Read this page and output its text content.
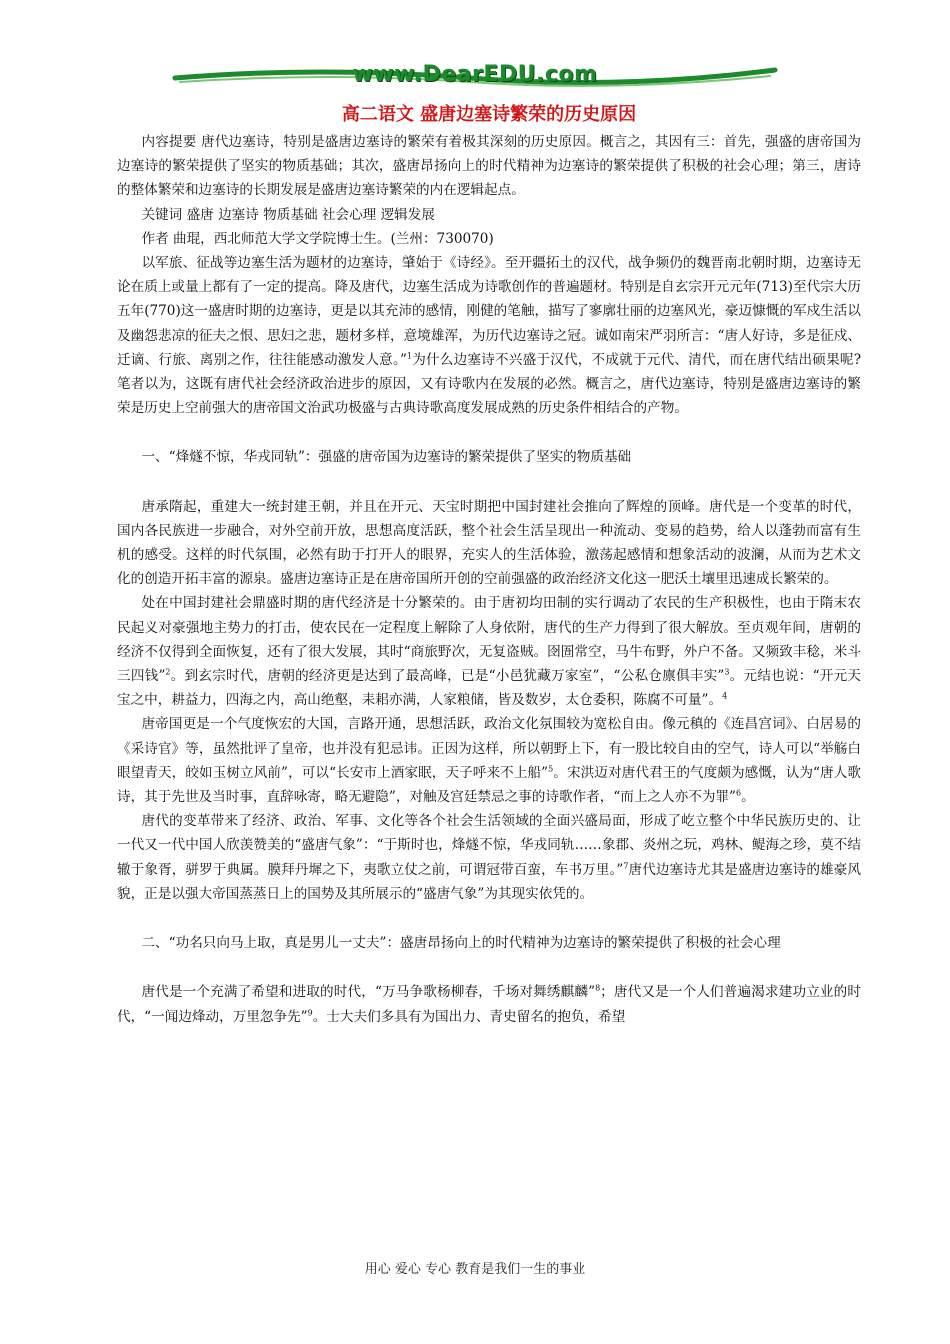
www.DearEDU.com
高二语文 盛唐边塞诗繁荣的历史原因

内容提要 唐代边塞诗，特别是盛唐边塞诗的繁荣有着极其深刻的历史原因。概言之，其因有三：首先，强盛的唐帝国为边塞诗的繁荣提供了坚实的物质基础；其次，盛唐昂扬向上的时代精神为边塞诗的繁荣提供了积极的社会心理；第三，唐诗的整体繁荣和边塞诗的长期发展是盛唐边塞诗繁荣的内在逻辑起点。

关键词 盛唐 边塞诗 物质基础 社会心理 逻辑发展

作者 曲琨，西北师范大学文学院博士生。(兰州：730070)

以军旅、征战等边塞生活为题材的边塞诗，肇始于《诗经》。至开疆拓土的汉代，战争频仍的魏晋南北朝时期，边塞诗无论在质上或量上都有了一定的提高。降及唐代，边塞生活成为诗歌创作的普遍题材。特别是自玄宗开元元年(713)至代宗大历五年(770)这一盛唐时期的边塞诗，更是以其充沛的感情，刚健的笔触，描写了寥廓壮丽的边塞风光，豪迈慷慨的军戍生活以及幽怨悲凉的征夫之恨、思妇之悲，题材多样，意境雄浑，为历代边塞诗之冠。诚如南宋严羽所言：“唐人好诗，多是征戍、迁谪、行旅、离别之作，往往能感动激发人意。”$^1$为什么边塞诗不兴盛于汉代，不成就于元代、清代，而在唐代结出硕果呢?笔者以为，这既有唐代社会经济政治进步的原因，又有诗歌内在发展的必然。概言之，唐代边塞诗，特别是盛唐边塞诗的繁荣是历史上空前强大的唐帝国文治武功极盛与古典诗歌高度发展成熟的历史条件相结合的产物。

一、“烽燧不惊，华戎同轨”：强盛的唐帝国为边塞诗的繁荣提供了坚实的物质基础

唐承隋起，重建大一统封建王朝，并且在开元、天宝时期把中国封建社会推向了辉煌的顶峰。唐代是一个变革的时代，国内各民族进一步融合，对外空前开放，思想高度活跃，整个社会生活呈现出一种流动、变易的趋势，给人以蓬勃而富有生机的感受。这样的时代氛围，必然有助于打开人的眼界，充实人的生活体验，激荡起感情和想象活动的波澜，从而为艺术文化的创造开拓丰富的源泉。盛唐边塞诗正是在唐帝国所开创的空前强盛的政治经济文化这一肥沃土壤里迅速成长繁荣的。

处在中国封建社会鼎盛时期的唐代经济是十分繁荣的。由于唐初均田制的实行调动了农民的生产积极性，也由于隋末农民起义对豪强地主势力的打击，使农民在一定程度上解除了人身依附，唐代的生产力得到了很大解放。至贞观年间，唐朝的经济不仅得到全面恢复，还有了很大发展，其时“商旅野次，无复盗贼。囹圄常空，马牛布野，外户不备。又频致丰稔，米斗三四钱”$^2$。到玄宗时代，唐朝的经济更是达到了最高峰，已是“小邑犹藏万家室”，“公私仓廪俱丰实”$^3$。元结也说：“开元天宝之中，耕益力，四海之内，高山绝壑，耒耜亦满，人家粮储，皆及数岁，太仓委积，陈腐不可量”。$^4$

唐帝国更是一个气度恢宏的大国，言路开通，思想活跃，政治文化氛围较为宽松自由。像元稹的《连昌宫词》、白居易的《采诗官》等，虽然批评了皇帝，也并没有犯忌讳。正因为这样，所以朝野上下，有一股比较自由的空气，诗人可以“举觞白眼望青天，皎如玉树立风前”，可以“长安市上酒家眠，天子呼来不上船”$^5$。宋洪迈对唐代君王的气度颇为感慨，认为“唐人歌诗，其于先世及当时事，直辞咏寄，略无避隐”，对触及宫廷禁忌之事的诗歌作者，“而上之人亦不为罪”$^6$。

唐代的变革带来了经济、政治、军事、文化等各个社会生活领域的全面兴盛局面，形成了屹立整个中华民族历史的、让一代又一代中国人欣羡赞美的“盛唐气象”：“于斯时也，烽燧不惊，华戎同轨……象郡、炎州之玩，鸡林、鳀海之珍，莫不结辙于象胥，骈罗于典属。膜拜丹墀之下，夷歌立仗之前，可谓冠带百蛮，车书万里。”$^7$唐代边塞诗尤其是盛唐边塞诗的雄豪风貌，正是以强大帝国蒸蒸日上的国势及其所展示的“盛唐气象”为其现实依凭的。

二、“功名只向马上取，真是男儿一丈夫”：盛唐昂扬向上的时代精神为边塞诗的繁荣提供了积极的社会心理

唐代是一个充满了希望和进取的时代，“万马争歌杨柳春，千场对舞绣麒麟”$^8$；唐代又是一个人们普遍渴求建功立业的时代，“一闻边烽动，万里忽争先”$^9$。士大夫们多具有为国出力、青史留名的抱负，希望

用心 爱心 专心 教育是我们一生的事业
